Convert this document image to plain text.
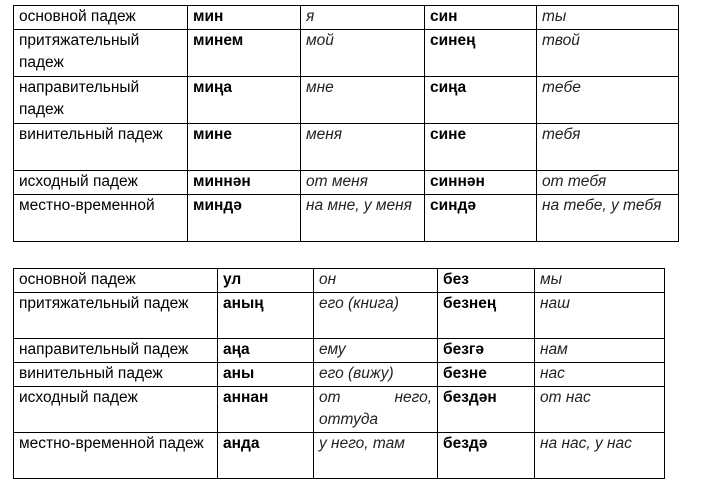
основной падеж	мин	я	син	ты
притяжательный падеж	минем	мой	синең	твой
направительный падеж	миңа	мне	сиңа	тебе
винительный падеж	мине	меня	сине	тебя
исходный падеж	миннән	от меня	синнән	от тебя
местно-временной	миндә	на мне, у меня	синдә	на тебе, у тебя
основной падеж	ул	он	без	мы
притяжательный падеж	аның	его (книга)	безнең	наш
направительный падеж	аңа	ему	безгә	нам
винительный падеж	аны	его (вижу)	безне	нас
исходный падеж	аннан	от него, оттуда	бездән	от нас
местно-временной падеж	анда	у него, там	бездә	на нас, у нас
